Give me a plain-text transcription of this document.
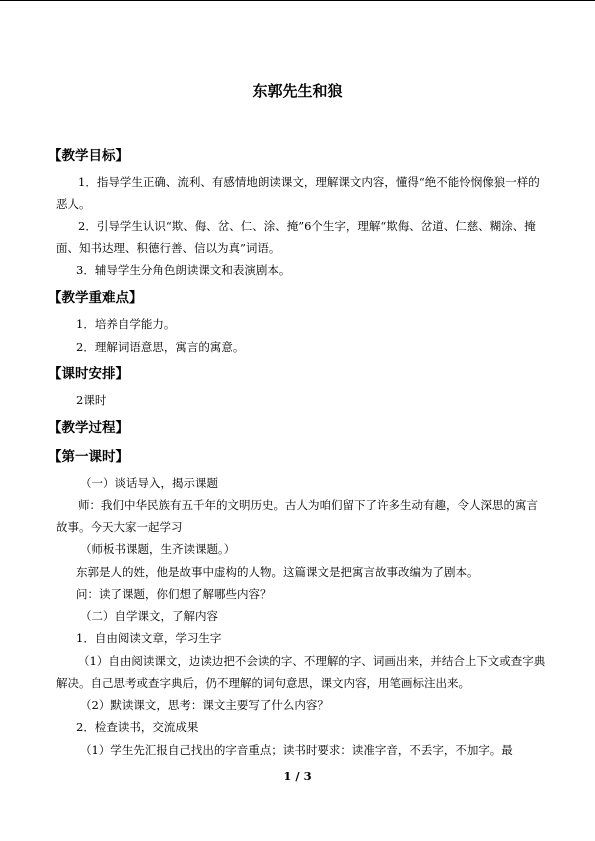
东郭先生和狼
【教学目标】
1．指导学生正确、流利、有感情地朗读课文，理解课文内容，懂得“绝不能怜悯像狼一样的恶人。
2．引导学生认识“欺、侮、岔、仁、涂、掩”6个生字，理解“欺侮、岔道、仁慈、糊涂、掩面、知书达理、积德行善、信以为真”词语。
3．辅导学生分角色朗读课文和表演剧本。
【教学重难点】
1．培养自学能力。
2．理解词语意思，寓言的寓意。
【课时安排】
2课时
【教学过程】
【第一课时】
（一）谈话导入，揭示课题
师：我们中华民族有五千年的文明历史。古人为咱们留下了许多生动有趣，令人深思的寓言故事。今天大家一起学习
（师板书课题，生齐读课题。）
东郭是人的姓，他是故事中虚构的人物。这篇课文是把寓言故事改编为了剧本。
问：读了课题，你们想了解哪些内容？
（二）自学课文，了解内容
1．自由阅读文章，学习生字
（1）自由阅读课文，边读边把不会读的字、不理解的字、词画出来，并结合上下文或查字典解决。自己思考或查字典后，仍不理解的词句意思，课文内容，用笔画标注出来。
（2）默读课文，思考：课文主要写了什么内容？
2．检查读书，交流成果
（1）学生先汇报自己找出的字音重点；读书时要求：读准字音，不丢字，不加字。最
1 / 3
